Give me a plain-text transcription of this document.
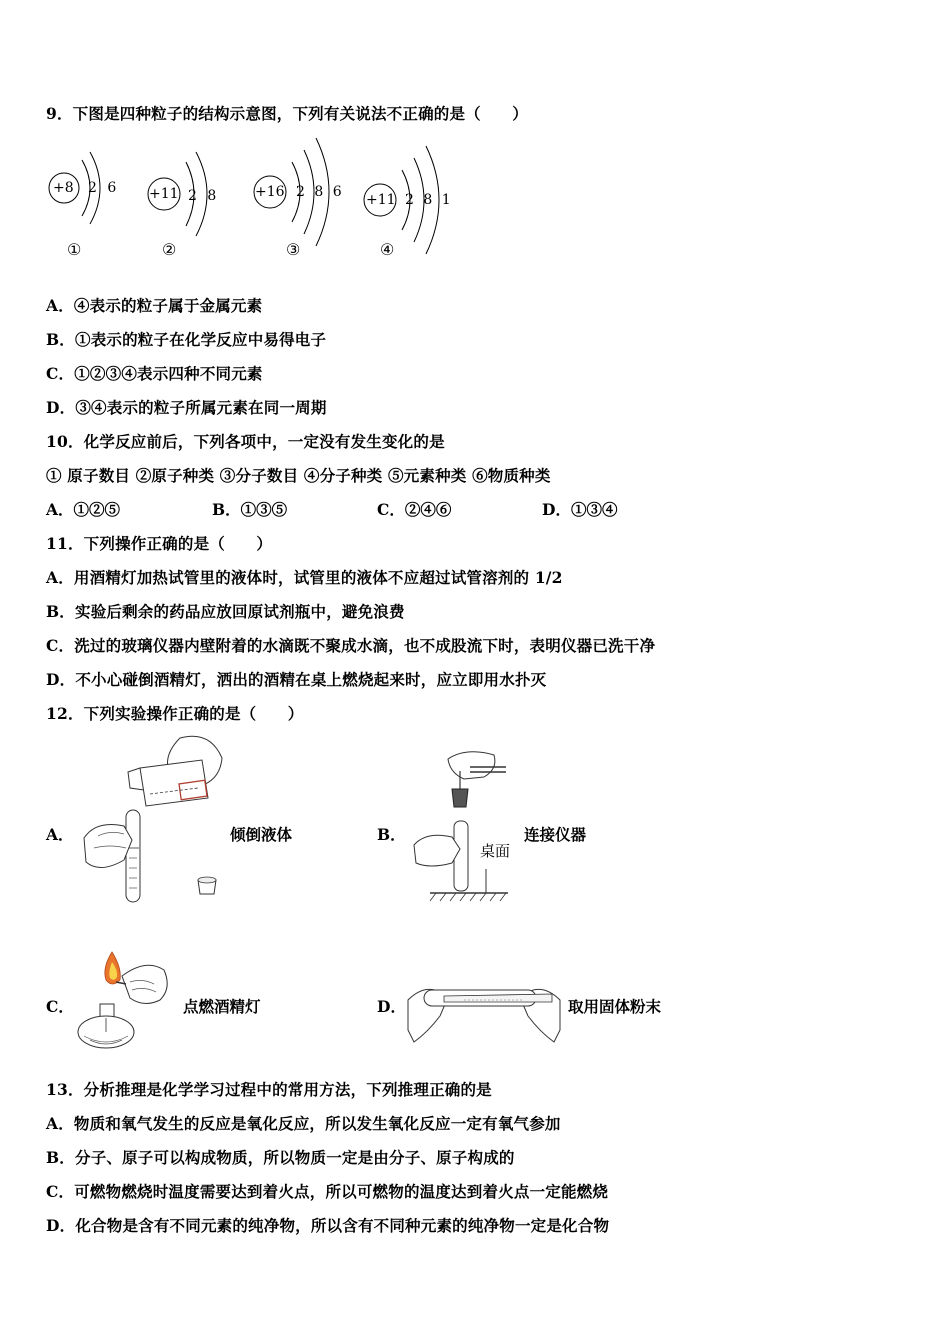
9．下图是四种粒子的结构示意图，下列有关说法不正确的是（　　）
+8 2 6
①
+11 2 8
②
+16 2 8 6
③
+11 2 8 1
④
A．④表示的粒子属于金属元素
B．①表示的粒子在化学反应中易得电子
C．①②③④表示四种不同元素
D．③④表示的粒子所属元素在同一周期
10．化学反应前后，下列各项中，一定没有发生变化的是
① 原子数目 ②原子种类 ③分子数目 ④分子种类 ⑤元素种类 ⑥物质种类
A．①②⑤	B．①③⑤	C．②④⑥	D．①③④
11．下列操作正确的是（　　）
A．用酒精灯加热试管里的液体时，试管里的液体不应超过试管溶剂的 1/2
B．实验后剩余的药品应放回原试剂瓶中，避免浪费
C．洗过的玻璃仪器内壁附着的水滴既不聚成水滴，也不成股流下时，表明仪器已洗干净
D．不小心碰倒酒精灯，洒出的酒精在桌上燃烧起来时，应立即用水扑灭
12．下列实验操作正确的是（　　）
A．	倾倒液体	B．
桌面
连接仪器
C．	点燃酒精灯	D．	取用固体粉末
13．分析推理是化学学习过程中的常用方法，下列推理正确的是
A．物质和氧气发生的反应是氧化反应，所以发生氧化反应一定有氧气参加
B．分子、原子可以构成物质，所以物质一定是由分子、原子构成的
C．可燃物燃烧时温度需要达到着火点，所以可燃物的温度达到着火点一定能燃烧
D．化合物是含有不同元素的纯净物，所以含有不同种元素的纯净物一定是化合物
